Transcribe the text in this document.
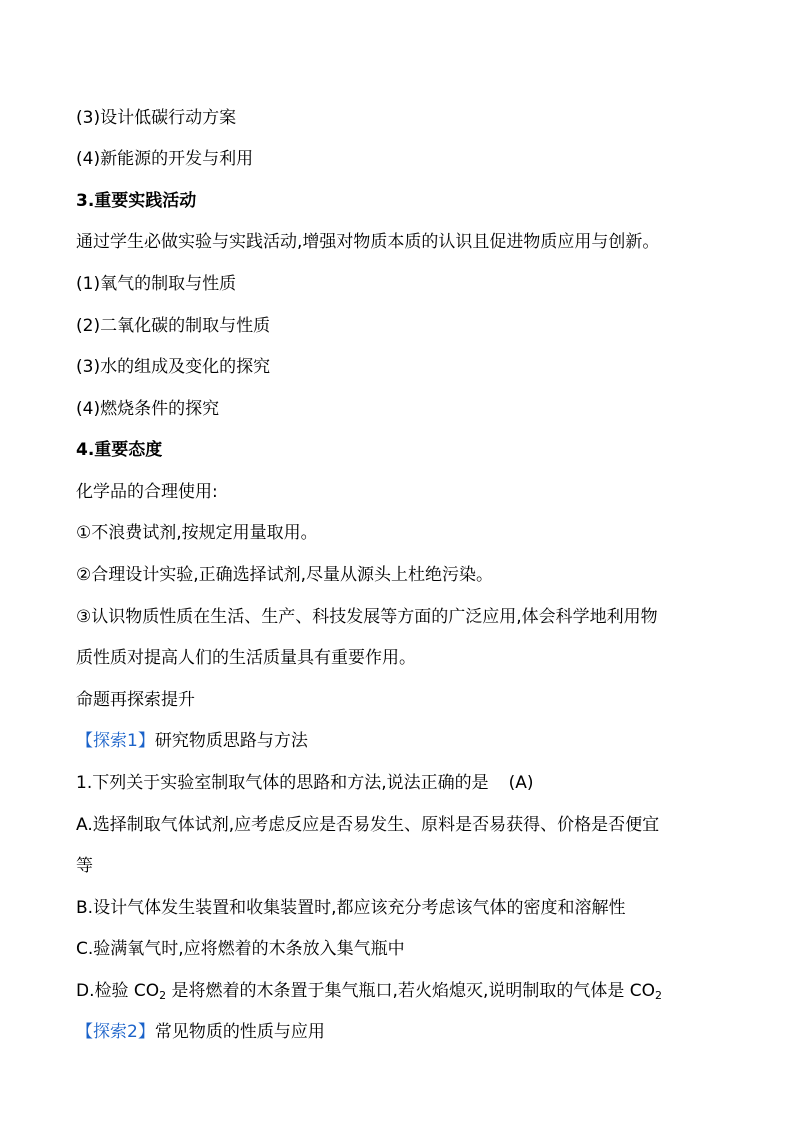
(3)设计低碳行动方案
(4)新能源的开发与利用
3.重要实践活动
通过学生必做实验与实践活动,增强对物质本质的认识且促进物质应用与创新。
(1)氧气的制取与性质
(2)二氧化碳的制取与性质
(3)水的组成及变化的探究
(4)燃烧条件的探究
4.重要态度
化学品的合理使用:
①不浪费试剂,按规定用量取用。
②合理设计实验,正确选择试剂,尽量从源头上杜绝污染。
③认识物质性质在生活、生产、科技发展等方面的广泛应用,体会科学地利用物
质性质对提高人们的生活质量具有重要作用。
命题再探索提升
【探索1】研究物质思路与方法
1.下列关于实验室制取气体的思路和方法,说法正确的是 (A)
A.选择制取气体试剂,应考虑反应是否易发生、原料是否易获得、价格是否便宜
等
B.设计气体发生装置和收集装置时,都应该充分考虑该气体的密度和溶解性
C.验满氧气时,应将燃着的木条放入集气瓶中
D.检验 $CO_2$ 是将燃着的木条置于集气瓶口,若火焰熄灭,说明制取的气体是 $CO_2$
【探索2】常见物质的性质与应用
